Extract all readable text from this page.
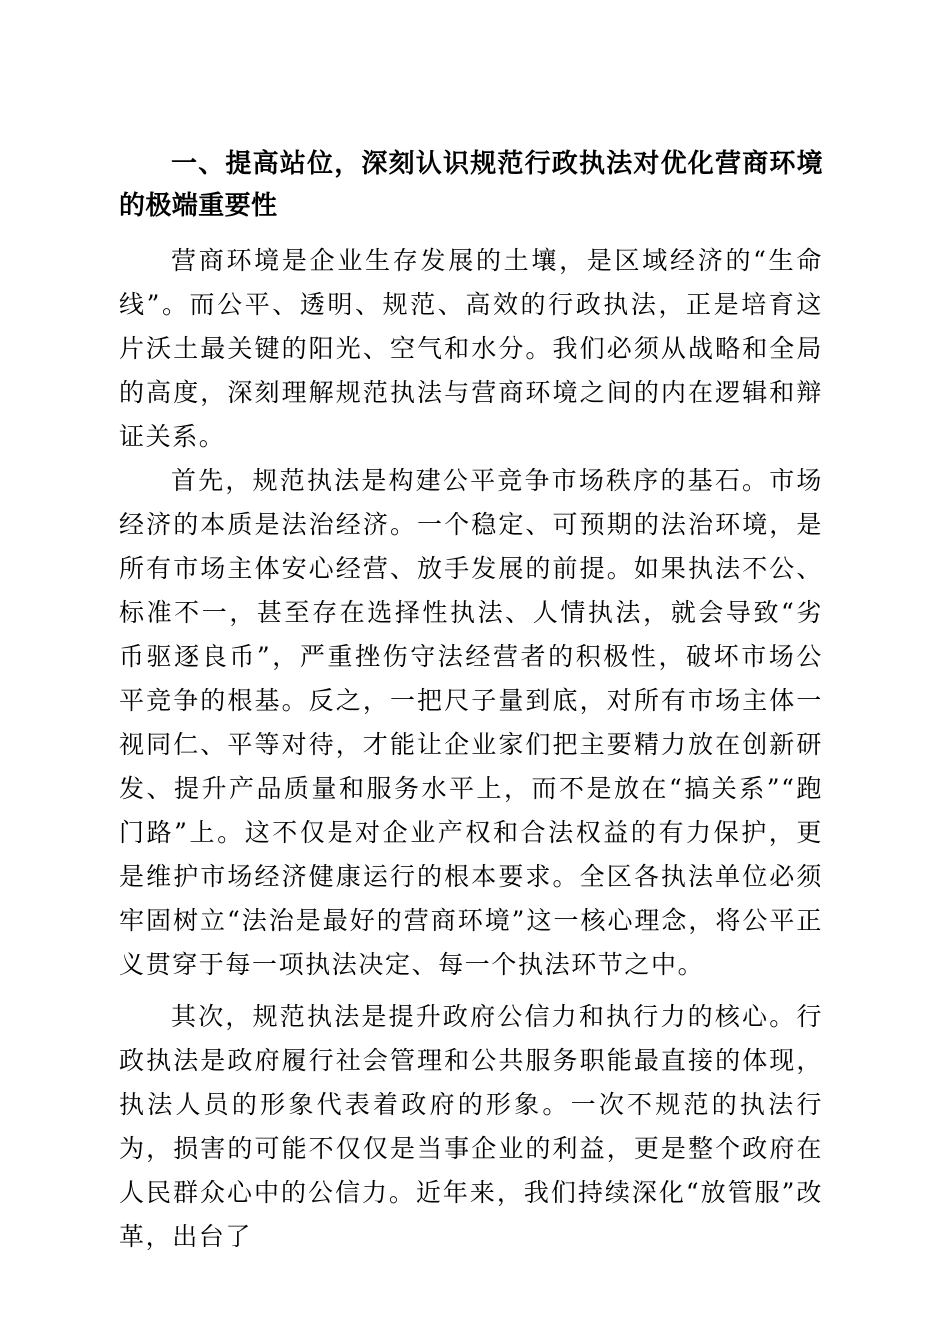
一、提高站位，深刻认识规范行政执法对优化营商环境的极端重要性

营商环境是企业生存发展的土壤，是区域经济的“生命线”。而公平、透明、规范、高效的行政执法，正是培育这片沃土最关键的阳光、空气和水分。我们必须从战略和全局的高度，深刻理解规范执法与营商环境之间的内在逻辑和辩证关系。

首先，规范执法是构建公平竞争市场秩序的基石。市场经济的本质是法治经济。一个稳定、可预期的法治环境，是所有市场主体安心经营、放手发展的前提。如果执法不公、标准不一，甚至存在选择性执法、人情执法，就会导致“劣币驱逐良币”，严重挫伤守法经营者的积极性，破坏市场公平竞争的根基。反之，一把尺子量到底，对所有市场主体一视同仁、平等对待，才能让企业家们把主要精力放在创新研发、提升产品质量和服务水平上，而不是放在“搞关系”“跑门路”上。这不仅是对企业产权和合法权益的有力保护，更是维护市场经济健康运行的根本要求。全区各执法单位必须牢固树立“法治是最好的营商环境”这一核心理念，将公平正义贯穿于每一项执法决定、每一个执法环节之中。

其次，规范执法是提升政府公信力和执行力的核心。行政执法是政府履行社会管理和公共服务职能最直接的体现，执法人员的形象代表着政府的形象。一次不规范的执法行为，损害的可能不仅仅是当事企业的利益，更是整个政府在人民群众心中的公信力。近年来，我们持续深化“放管服”改革，出台了
